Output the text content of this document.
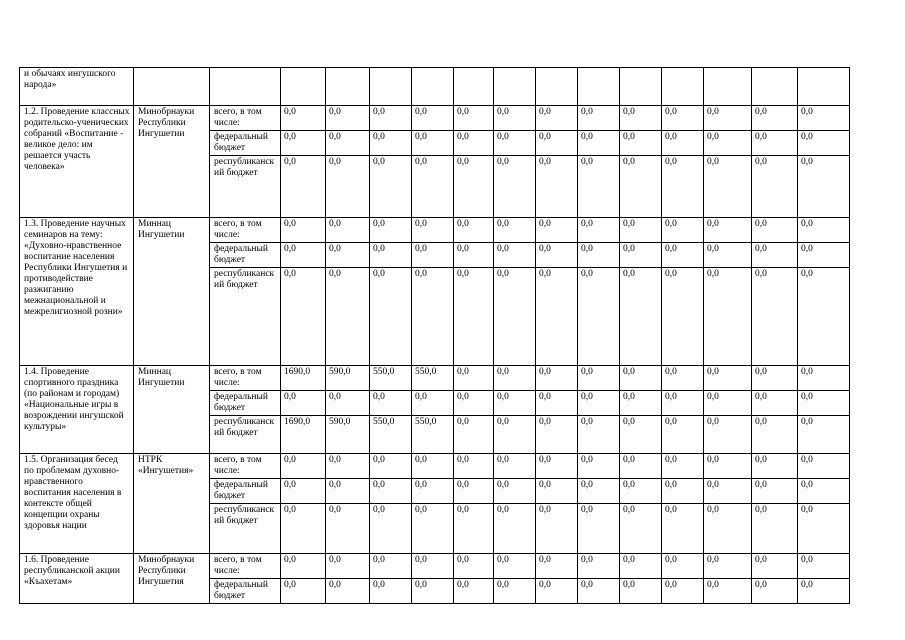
и обычаях ингушского народа»															
1.2. Проведение классных родительско-ученических собраний «Воспитание - великое дело: им решается участь человека»	Минобрнауки Республики Ингушетии	всего, в том числе:	0,0	0,0	0,0	0,0	0,0	0,0	0,0	0,0	0,0	0,0	0,0	0,0	0,0
		федеральный бюджет	0,0	0,0	0,0	0,0	0,0	0,0	0,0	0,0	0,0	0,0	0,0	0,0	0,0
		республиканский бюджет	0,0	0,0	0,0	0,0	0,0	0,0	0,0	0,0	0,0	0,0	0,0	0,0	0,0
1.3. Проведение научных семинаров на тему: «Духовно-нравственное воспитание населения Республики Ингушетия и противодействие разжиганию межнациональной и межрелигиозной розни»	Миннац Ингушетии	всего, в том числе:	0,0	0,0	0,0	0,0	0,0	0,0	0,0	0,0	0,0	0,0	0,0	0,0	0,0
		федеральный бюджет	0,0	0,0	0,0	0,0	0,0	0,0	0,0	0,0	0,0	0,0	0,0	0,0	0,0
		республиканский бюджет	0,0	0,0	0,0	0,0	0,0	0,0	0,0	0,0	0,0	0,0	0,0	0,0	0,0
1.4. Проведение спортивного праздника (по районам и городам) «Национальные игры в возрождении ингушской культуры»	Миннац Ингушетии	всего, в том числе:	1690,0	590,0	550,0	550,0	0,0	0,0	0,0	0,0	0,0	0,0	0,0	0,0	0,0
		федеральный бюджет	0,0	0,0	0,0	0,0	0,0	0,0	0,0	0,0	0,0	0,0	0,0	0,0	0,0
		республиканский бюджет	1690,0	590,0	550,0	550,0	0,0	0,0	0,0	0,0	0,0	0,0	0,0	0,0	0,0
1.5. Организация бесед по проблемам духовно-нравственного воспитания населения в контексте общей концепции охраны здоровья нации	НТРК «Ингушетия»	всего, в том числе:	0,0	0,0	0,0	0,0	0,0	0,0	0,0	0,0	0,0	0,0	0,0	0,0	0,0
		федеральный бюджет	0,0	0,0	0,0	0,0	0,0	0,0	0,0	0,0	0,0	0,0	0,0	0,0	0,0
		республиканский бюджет	0,0	0,0	0,0	0,0	0,0	0,0	0,0	0,0	0,0	0,0	0,0	0,0	0,0
1.6. Проведение республиканской акции «Къахетам»	Минобрнауки Республики Ингушетия	всего, в том числе:	0,0	0,0	0,0	0,0	0,0	0,0	0,0	0,0	0,0	0,0	0,0	0,0	0,0
		федеральный бюджет	0,0	0,0	0,0	0,0	0,0	0,0	0,0	0,0	0,0	0,0	0,0	0,0	0,0
